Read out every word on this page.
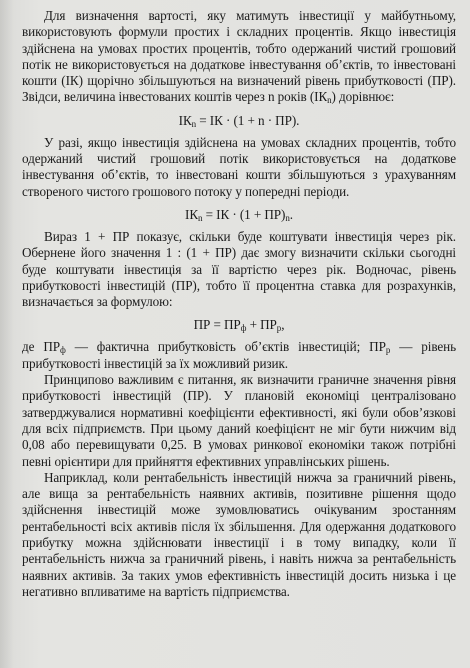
Для визначення вартості, яку матимуть інвестиції у майбутньому, використовують формули простих і складних процентів. Якщо інвестиція здійснена на умовах простих процентів, тобто одержаний чистий грошовий потік не використовується на додаткове інвестування об’єктів, то інвестовані кошти (ІК) щорічно збільшуються на визначений рівень прибутковості (ПР). Звідси, величина інвестованих коштів через n років $(ІК_n)$ дорівнює:

$ІК_n$ = ІК · (1 + n · ПР).

У разі, якщо інвестиція здійснена на умовах складних процентів, тобто одержаний чистий грошовий потік використовується на додаткове інвестування об’єктів, то інвестовані кошти збільшуються з урахуванням створеного чистого грошового потоку у попередні періоди.

$ІК_n$ = ІК · $(1 + ПР)_n$.

Вираз 1 + ПР показує, скільки буде коштувати інвестиція через рік. Обернене його значення 1 : (1 + ПР) дає змогу визначити скільки сьогодні буде коштувати інвестиція за її вартістю через рік. Водночас, рівень прибутковості інвестицій (ПР), тобто її процентна ставка для розрахунків, визначається за формулою:

ПР = $ПР_ф + ПР_р$,

де $ПР_ф$ — фактична прибутковість об’єктів інвестицій; $ПР_р$ — рівень прибутковості інвестицій за їх можливий ризик.

Принципово важливим є питання, як визначити граничне значення рівня прибутковості інвестицій (ПР). У плановій економіці централізовано затверджувалися нормативні коефіцієнти ефективності, які були обов’язкові для всіх підприємств. При цьому даний коефіцієнт не міг бути нижчим від 0,08 або перевищувати 0,25. В умовах ринкової економіки також потрібні певні орієнтири для прийняття ефективних управлінських рішень.

Наприклад, коли рентабельність інвестицій нижча за граничний рівень, але вища за рентабельність наявних активів, позитивне рішення щодо здійснення інвестицій може зумовлюватись очікуваним зростанням рентабельності всіх активів після їх збільшення. Для одержання додаткового прибутку можна здійснювати інвестиції і в тому випадку, коли її рентабельність нижча за граничний рівень, і навіть нижча за рентабельність наявних активів. За таких умов ефективність інвестицій досить низька і це негативно впливатиме на вартість підприємства.
